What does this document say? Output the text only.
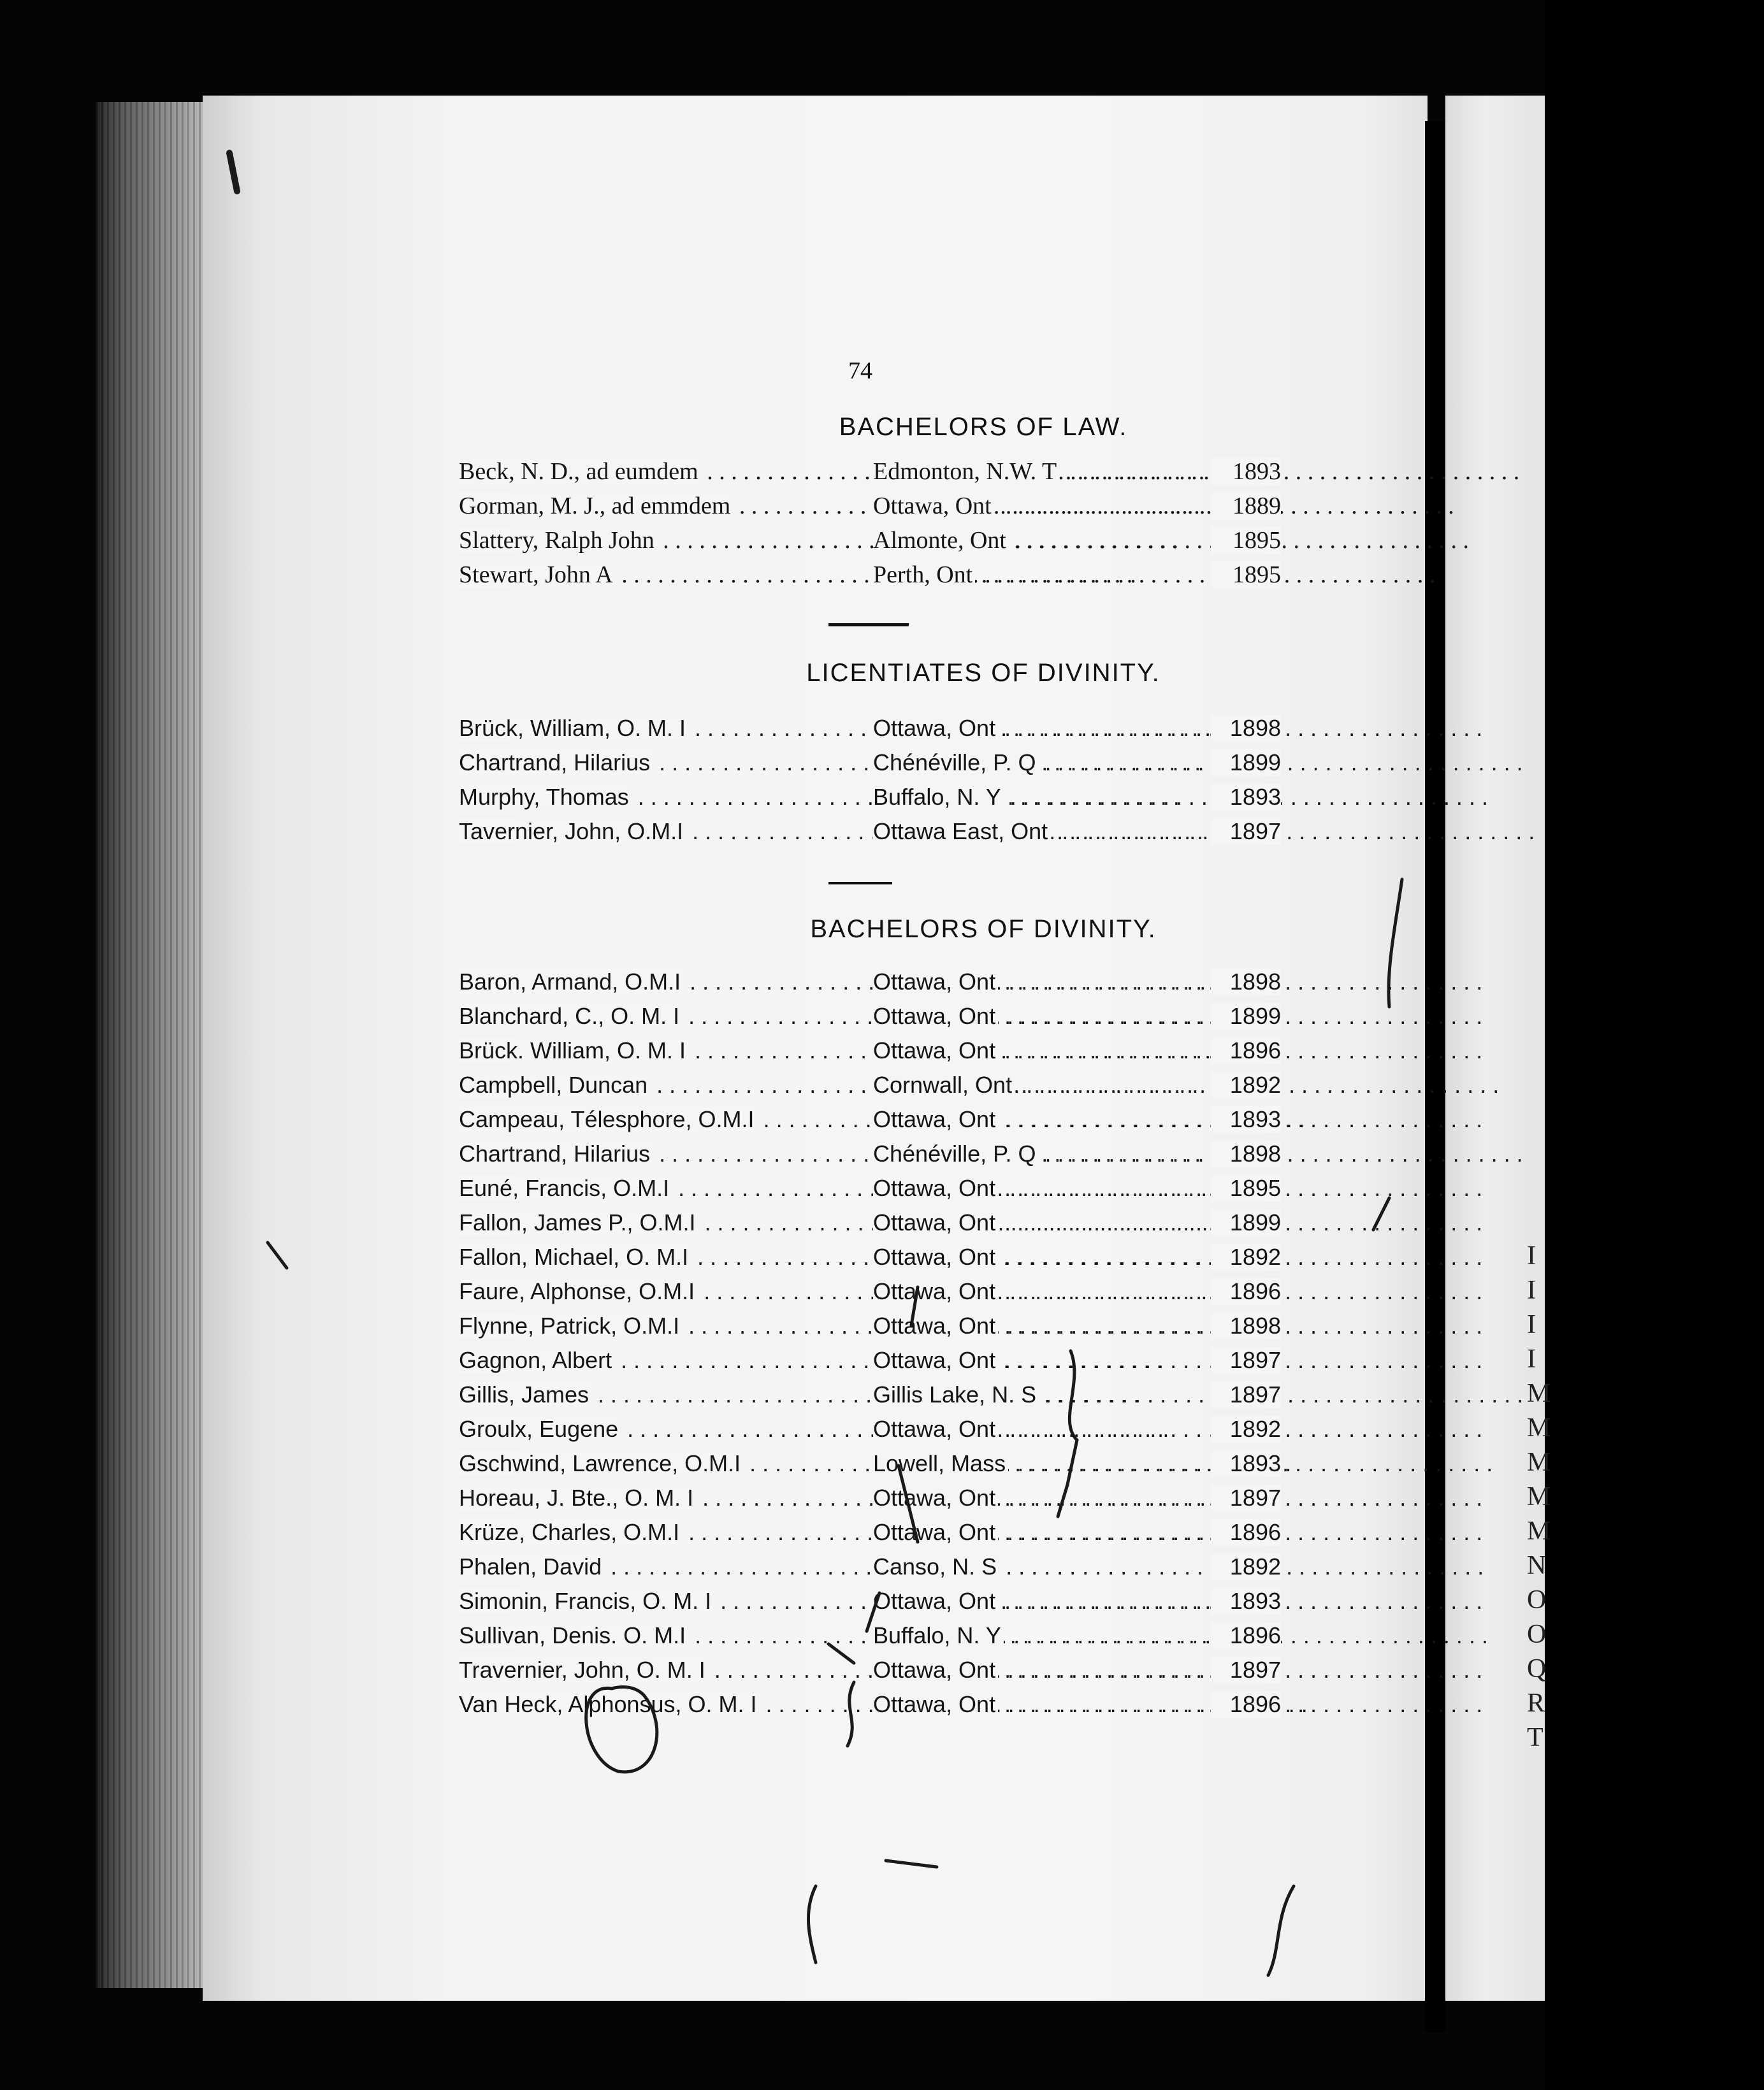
I
I
I
I
M
M
M
M
M
N
O
O
Q
R
T
74
BACHELORS OF LAW.
Beck, N. D., ad eumdem . . .	Edmonton, N.W. T . . .	1893
Gorman, M. J., ad emmdem . . .	Ottawa, Ont . . .	1889
Slattery, Ralph John . . .	Almonte, Ont . . .	1895
Stewart, John A . . .	Perth, Ont . . .	1895
LICENTIATES OF DIVINITY.
Brück, William, O. M. I . . .	Ottawa, Ont . . .	1898
Chartrand, Hilarius . . .	Chénéville, P. Q . . .	1899
Murphy, Thomas . . .	Buffalo, N. Y . . .	1893
Tavernier, John, O.M.I . . .	Ottawa East, Ont . . .	1897
BACHELORS OF DIVINITY.
Baron, Armand, O.M.I . . .	Ottawa, Ont . . .	1898
Blanchard, C., O. M. I . . .	Ottawa, Ont . . .	1899
Brück. William, O. M. I . . .	Ottawa, Ont . . .	1896
Campbell, Duncan . . .	Cornwall, Ont . . .	1892
Campeau, Télesphore, O.M.I . . .	Ottawa, Ont . . .	1893
Chartrand, Hilarius . . .	Chénéville, P. Q . . .	1898
Euné, Francis, O.M.I . . .	Ottawa, Ont . . .	1895
Fallon, James P., O.M.I . . .	Ottawa, Ont . . .	1899
Fallon, Michael, O. M.I . . .	Ottawa, Ont . . .	1892
Faure, Alphonse, O.M.I . . .	Ottawa, Ont . . .	1896
Flynne, Patrick, O.M.I . . .	Ottawa, Ont . . .	1898
Gagnon, Albert . . .	Ottawa, Ont . . .	1897
Gillis, James . . .	Gillis Lake, N. S . . .	1897
Groulx, Eugene . . .	Ottawa, Ont . . .	1892
Gschwind, Lawrence, O.M.I . . .	Lowell, Mass . . .	1893
Horeau, J. Bte., O. M. I . . .	Ottawa, Ont . . .	1897
Krüze, Charles, O.M.I . . .	Ottawa, Ont . . .	1896
Phalen, David . . .	Canso, N. S . . .	1892
Simonin, Francis, O. M. I . . .	Ottawa, Ont . . .	1893
Sullivan, Denis. O. M.I . . .	Buffalo, N. Y . . .	1896
Travernier, John, O. M. I . . .	Ottawa, Ont . . .	1897
Van Heck, Alphonsus, O. M. I . . .	Ottawa, Ont . . .	1896
